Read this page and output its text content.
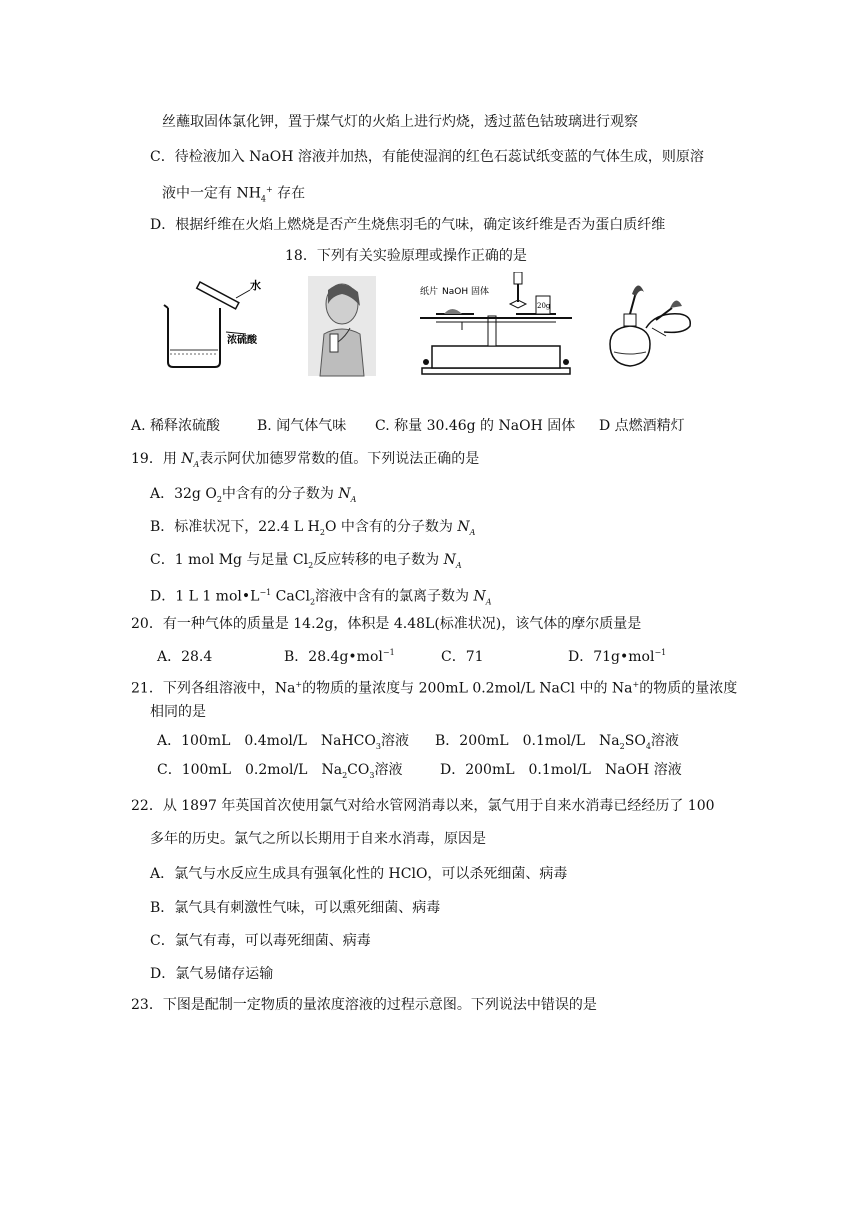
丝蘸取固体氯化钾，置于煤气灯的火焰上进行灼烧，透过蓝色钴玻璃进行观察
C．待检液加入 NaOH 溶液并加热，有能使湿润的红色石蕊试纸变蓝的气体生成，则原溶
液中一定有 $NH_4^+$ 存在
D．根据纤维在火焰上燃烧是否产生烧焦羽毛的气味，确定该纤维是否为蛋白质纤维
18．下列有关实验原理或操作正确的是
水
浓硫酸
纸片 NaOH 固体
20g
A. 稀释浓硫酸	B. 闻气体气味 C. 称量 30.46g 的 NaOH 固体 D 点燃酒精灯
19．用 $N_A$表示阿伏加德罗常数的值。下列说法正确的是
A．32g $O_2$中含有的分子数为 $N_A$
B．标准状况下，22.4 L $H_2O$ 中含有的分子数为 $N_A$
C．1 mol Mg 与足量 $Cl_2$反应转移的电子数为 $N_A$
D．1 L 1 $mol•L^{-1}$ CaCl$_2$溶液中含有的氯离子数为 $N_A$
20．有一种气体的质量是 14.2g，体积是 4.48L(标准状况)，该气体的摩尔质量是
A．28.4	B．28.4g•mol$^{-1}$	C．71	D．71g•mol$^{-1}$
21．下列各组溶液中，Na+的物质的量浓度与 200mL 0.2mol/L NaCl 中的 Na+的物质的量浓度
相同的是
A．100mL　0.4mol/L　NaHCO$_3$溶液 B．200mL　0.1mol/L　$Na_2SO_4$溶液
C．100mL　0.2mol/L　$Na_2CO_3$溶液	D．200mL　0.1mol/L　NaOH 溶液
22．从 1897 年英国首次使用氯气对给水管网消毒以来，氯气用于自来水消毒已经经历了 100
多年的历史。氯气之所以长期用于自来水消毒，原因是
A．氯气与水反应生成具有强氧化性的 HClO，可以杀死细菌、病毒
B．氯气具有刺激性气味，可以熏死细菌、病毒
C．氯气有毒，可以毒死细菌、病毒
D．氯气易储存运输
23．下图是配制一定物质的量浓度溶液的过程示意图。下列说法中错误的是
